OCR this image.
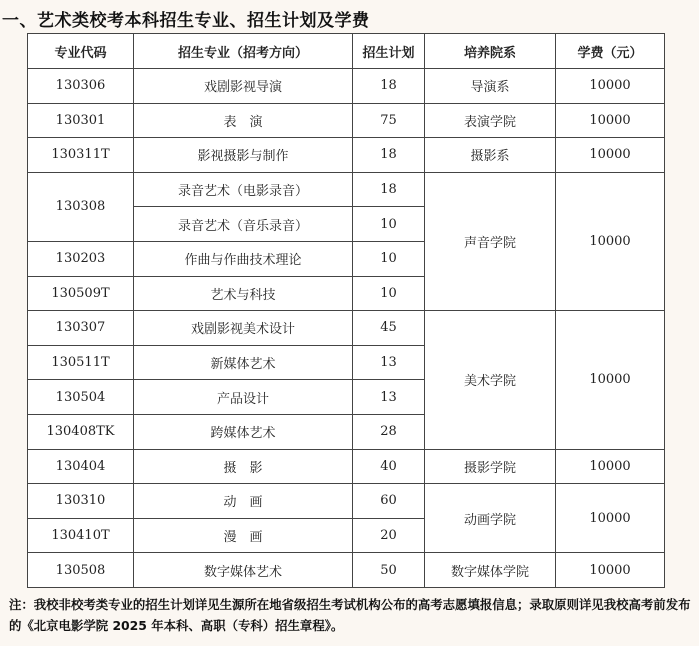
一、艺术类校考本科招生专业、招生计划及学费
专业代码	招生专业（招考方向）	招生计划	培养院系	学费（元）
130306	戏剧影视导演	18	导演系	10000
130301	表　演	75	表演学院	10000
130311T	影视摄影与制作	18	摄影系	10000
130308	录音艺术（电影录音）	18	声音学院	10000
	录音艺术（音乐录音）	10		
130203	作曲与作曲技术理论	10		
130509T	艺术与科技	10		
130307	戏剧影视美术设计	45	美术学院	10000
130511T	新媒体艺术	13		
130504	产品设计	13		
130408TK	跨媒体艺术	28		
130404	摄　影	40	摄影学院	10000
130310	动　画	60	动画学院	10000
130410T	漫　画	20		
130508	数字媒体艺术	50	数字媒体学院	10000
注：我校非校考类专业的招生计划详见生源所在地省级招生考试机构公布的高考志愿填报信息；录取原则详见我校高考前发布的《北京电影学院 2025 年本科、高职（专科）招生章程》。
